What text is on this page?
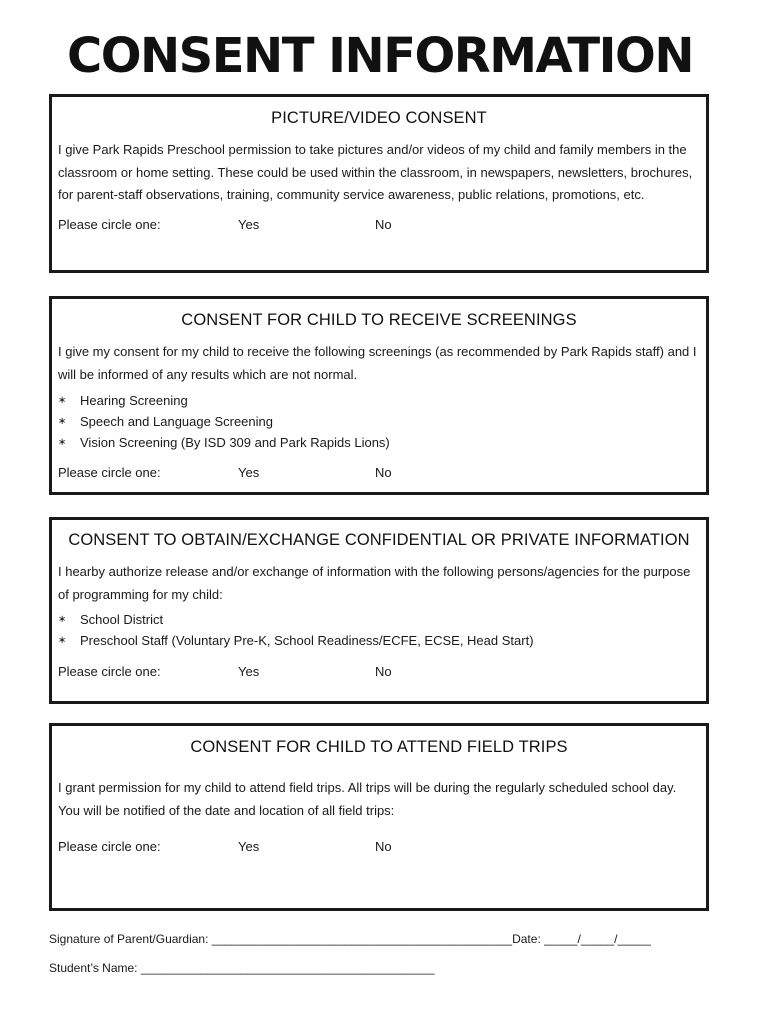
CONSENT INFORMATION
PICTURE/VIDEO CONSENT

I give Park Rapids Preschool permission to take pictures and/or videos of my child and family members in the classroom or home setting. These could be used within the classroom, in newspapers, newsletters, brochures, for parent-staff observations, training, community service awareness, public relations, promotions, etc.

Please circle one:	Yes	No
CONSENT FOR CHILD TO RECEIVE SCREENINGS

I give my consent for my child to receive the following screenings (as recommended by Park Rapids staff) and I will be informed of any results which are not normal.

∗	Hearing Screening
∗	Speech and Language Screening
∗	Vision Screening (By ISD 309 and Park Rapids Lions)
Please circle one:	Yes	No
CONSENT TO OBTAIN/EXCHANGE CONFIDENTIAL OR PRIVATE INFORMATION

I hearby authorize release and/or exchange of information with the following persons/agencies for the purpose of programming for my child:

∗	School District
∗	Preschool Staff (Voluntary Pre-K, School Readiness/ECFE, ECSE, Head Start)
Please circle one:	Yes	No
CONSENT FOR CHILD TO ATTEND FIELD TRIPS

I grant permission for my child to attend field trips. All trips will be during the regularly scheduled school day. You will be notified of the date and location of all field trips:

Please circle one:	Yes	No
Signature of Parent/Guardian: _____________________________________________Date: _____/_____/_____
Student’s Name: ____________________________________________
